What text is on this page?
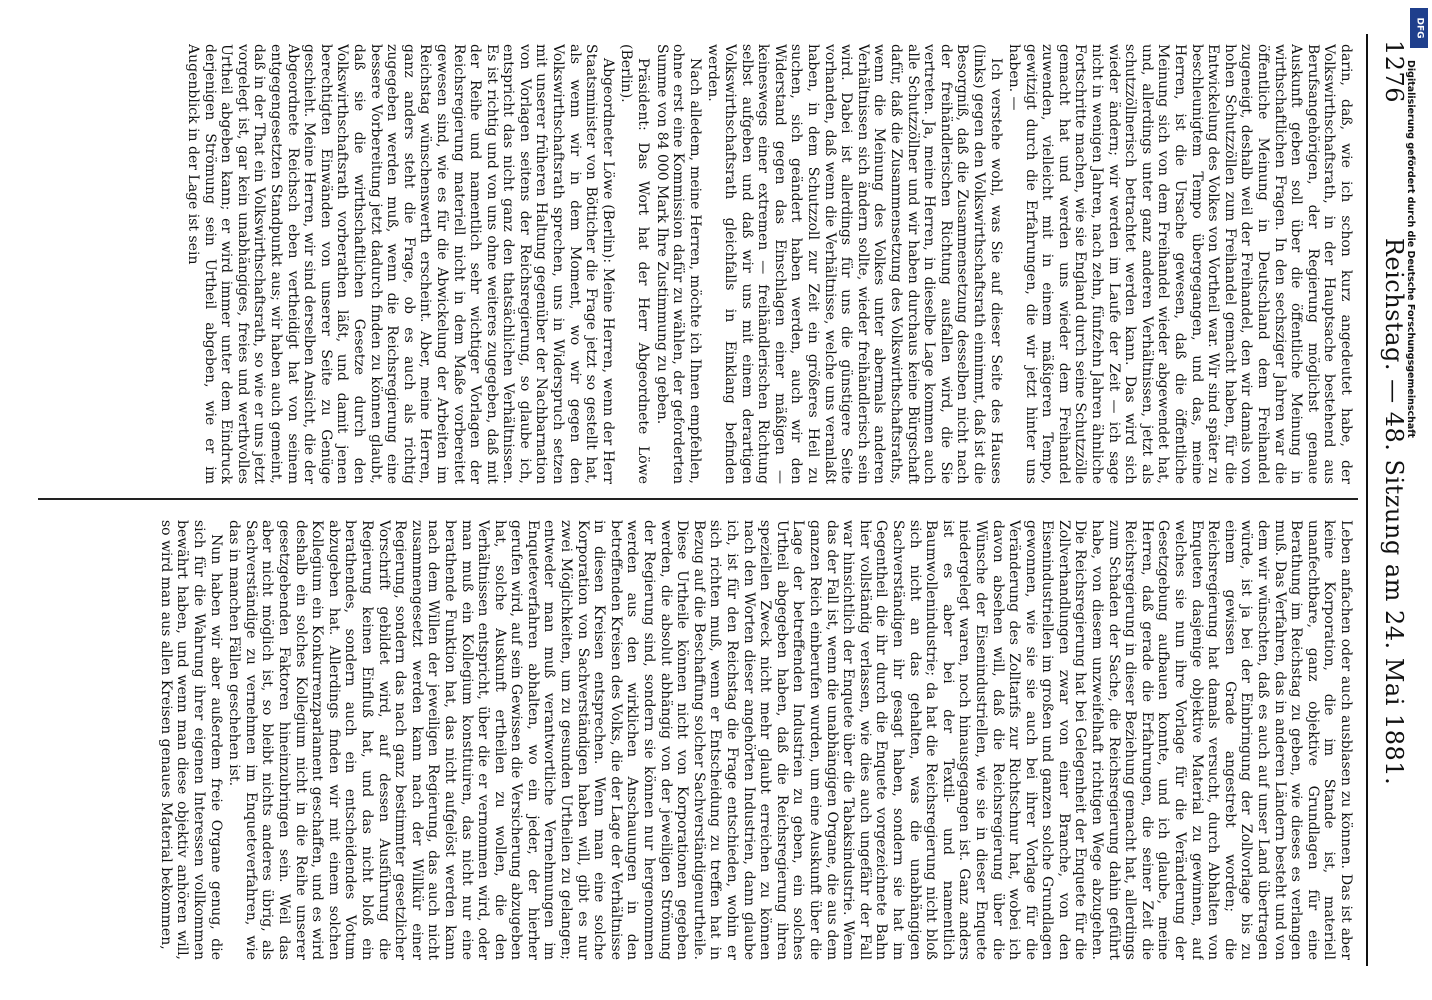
1276
Reichstag. — 48. Sitzung am 24. Mai 1881.

darin, daß, wie ich schon kurz angedeutet habe, der Volkswirthschaftsrath, in der Hauptsache bestehend aus Berufsangehörigen, der Regierung möglichst genaue Auskunft geben soll über die öffentliche Meinung in wirthschaftlichen Fragen. In den sechsziger Jahren war die öffentliche Meinung in Deutschland dem Freihandel zugeneigt, deshalb weil der Freihandel, den wir damals von hohen Schutzzöllen zum Freihandel gemacht haben, für die Entwickelung des Volkes von Vortheil war. Wir sind später zu beschleunigtem Tempo übergegangen, und das, meine Herren, ist die Ursache gewesen, daß die öffentliche Meinung sich von dem Freihandel wieder abgewendet hat, und, allerdings unter ganz anderen Verhältnissen, jetzt als schutzzöllnerisch betrachtet werden kann. Das wird sich wieder ändern; wir werden im Laufe der Zeit — ich sage nicht in wenigen Jahren, nach zehn, fünfzehn Jahren ähnliche Fortschritte machen, wie sie England durch seine Schutzzölle gemacht hat und werden uns wieder dem Freihandel zuwenden, vielleicht mit in einem mäßigeren Tempo, gewitzigt durch die Erfahrungen, die wir jetzt hinter uns haben. —

Ich verstehe wohl, was Sie auf dieser Seite des Hauses (links) gegen den Volkswirthschaftsrath einnimmt, daß ist die Besorgniß, daß die Zusammensetzung desselben nicht nach der freihändlerischen Richtung ausfallen wird, die Sie vertreten. Ja, meine Herren, in dieselbe Lage kommen auch alle Schutzzöllner und wir haben durchaus keine Bürgschaft dafür, daß die Zusammensetzung des Volkswirthschaftsraths, wenn die Meinung des Volkes unter abermals anderen Verhältnissen sich ändern sollte, wieder freihändlerisch sein wird. Dabei ist allerdings für uns die günstigere Seite vorhanden, daß wenn die Verhältnisse, welche uns veranlaßt haben, in dem Schutzzoll zur Zeit ein größeres Heil zu suchen, sich geändert haben werden, auch wir den Widerstand gegen das Einschlagen einer mäßigen — keineswegs einer extremen — freihändlerischen Richtung selbst aufgeben und daß wir uns mit einem derartigen Volkswirthschaftsrath gleichfalls in Einklang befinden werden.

Nach alledem, meine Herren, möchte ich Ihnen empfehlen, ohne erst eine Kommission dafür zu wählen, der geforderten Summe von 84 000 Mark Ihre Zustimmung zu geben.

Präsident: Das Wort hat der Herr Abgeordnete Löwe (Berlin).

Abgeordneter Löwe (Berlin): Meine Herren, wenn der Herr Staatsminister von Bötticher die Frage jetzt so gestellt hat, als wenn wir in dem Moment, wo wir gegen den Volkswirthschaftsrath sprechen, uns in Widerspruch setzen mit unserer früheren Haltung gegenüber der Nachbarnation von Vorlagen seitens der Reichsregierung, so glaube ich, entspricht das nicht ganz den thatsächlichen Verhältnissen. Es ist richtig und von uns ohne weiteres zugegeben, daß mit der Reihe und namentlich sehr wichtiger Vorlagen der Reichsregierung materiell nicht in dem Maße vorbereitet gewesen sind, wie es für die Abwickelung der Arbeiten im Reichstag wünschenswerth erscheint. Aber, meine Herren, ganz anders steht die Frage, ob es auch als richtig zugegeben werden muß, wenn die Reichsregierung eine bessere Vorbereitung jetzt dadurch finden zu können glaubt, daß sie die wirthschaftlichen Gesetze durch den Volkswirthschaftsrath vorberathen läßt, und damit jenen berechtigten Einwänden von unserer Seite zu Genüge geschieht. Meine Herren, wir sind derselben Ansicht, die der Abgeordnete Reichsch eben vertheidigt hat von seinem entgegengesetzten Standpunkt aus; wir haben auch gemeint, daß in der That ein Volkswirthschaftsrath, so wie er uns jetzt vorgelegt ist, gar kein unabhängiges, freies und werthvolles Urtheil abgeben kann; er wird immer unter dem Eindruck derjenigen Strömung sein Urtheil abgeben, wie er im Augenblick in der Lage ist sein

Leben anfachen oder auch ausblasen zu können. Das ist aber keine Korporation, die im Stande ist, materiell unanfechtbare, ganz objektive Grundlagen für eine Berathung im Reichstag zu geben, wie dieses es verlangen muß. Das Verfahren, das in anderen Ländern besteht und von dem wir wünschten, daß es auch auf unser Land übertragen würde, ist ja bei der Einbringung der Zollvorlage bis zu einem gewissen Grade angestrebt worden; die Reichsregierung hat damals versucht, durch Abhalten von Enqueten dasjenige objektive Material zu gewinnen, auf welches sie nun ihre Vorlage für die Veränderung der Gesetzgebung aufbauen konnte, und ich glaube, meine Herren, daß gerade die Erfahrungen, die seiner Zeit die Reichsregierung in dieser Beziehung gemacht hat, allerdings zum Schaden der Sache, die Reichsregierung dahin geführt habe, von diesem unzweifelhaft richtigen Wege abzugehen. Die Reichsregierung hat bei Gelegenheit der Enquete für die Zollverhandlungen zwar von einer Branche, von den Eisenindustriellen im großen und ganzen solche Grundlagen gewonnen, wie sie sie auch bei ihrer Vorlage für die Veränderung des Zolltarifs zur Richtschnur hat, wobei ich davon absehen will, daß die Reichsregierung über die Wünsche der Eisenindustriellen, wie sie in dieser Enquete niedergelegt waren, noch hinausgegangen ist. Ganz anders ist es aber bei der Textil- und namentlich Baumwollenindustrie; da hat die Reichsregierung nicht bloß sich nicht an das gehalten, was die unabhängigen Sachverständigen ihr gesagt haben, sondern sie hat im Gegentheil die ihr durch die Enquete vorgezeichnete Bahn hier vollständig verlassen, wie dies auch ungefähr der Fall war hinsichtlich der Enquete über die Tabaksindustrie. Wenn das der Fall ist, wenn die unabhängigen Organe, die aus dem ganzen Reich einberufen wurden, um eine Auskunft über die Lage der betreffenden Industrien zu geben, ein solches Urtheil abgegeben haben, daß die Reichsregierung ihren speziellen Zweck nicht mehr glaubt erreichen zu können nach den Worten dieser angehörten Industrien, dann glaube ich, ist für den Reichstag die Frage entschieden, wohin er sich richten muß, wenn er Entscheidung zu treffen hat in Bezug auf die Beschaffung solcher Sachverständigenurtheile. Diese Urtheile können nicht von Korporationen gegeben werden, die absolut abhängig von der jeweiligen Strömung der Regierung sind, sondern sie können nur hergenommen werden aus den wirklichen Anschauungen in den betreffenden Kreisen des Volks, die der Lage der Verhältnisse in diesen Kreisen entsprechen. Wenn man eine solche Korporation von Sachverständigen haben will, gibt es nur zwei Möglichkeiten, um zu gesunden Urtheilen zu gelangen; entweder man muß verantwortliche Vernehmungen im Enqueteverfahren abhalten, wo ein jeder, der hierher gerufen wird, auf sein Gewissen die Versicherung abzugeben hat, solche Auskunft ertheilen zu wollen, die den Verhältnissen entspricht, über die er vernommen wird, oder man muß ein Kollegium konstituiren, das nicht nur eine berathende Funktion hat, das nicht aufgelöst werden kann nach dem Willen der jeweiligen Regierung, das auch nicht zusammengesetzt werden kann nach der Willkür einer Regierung, sondern das nach ganz bestimmter gesetzlicher Vorschrift gebildet wird, auf dessen Ausführung die Regierung keinen Einfluß hat, und das nicht bloß ein berathendes, sondern auch ein entscheidendes Votum abzugeben hat. Allerdings finden wir mit einem solchen Kollegium ein Konkurrenzparlament geschaffen, und es wird deshalb ein solches Kollegium nicht in die Reihe unserer gesetzgebenden Faktoren hineinzubringen sein. Weil das aber nicht möglich ist, so bleibt nichts anderes übrig, als Sachverständige zu vernehmen im Enqueteverfahren, wie das in manchen Fällen geschehen ist.

Nun haben wir aber außerdem freie Organe genug, die sich für die Wahrung ihrer eigenen Interessen vollkommen bewährt haben, und wenn man diese objektiv anhören will, so wird man aus allen Kreisen genaues Material bekommen,

DFG
Digitalisierung gefördert durch die Deutsche Forschungsgemeinschaft
